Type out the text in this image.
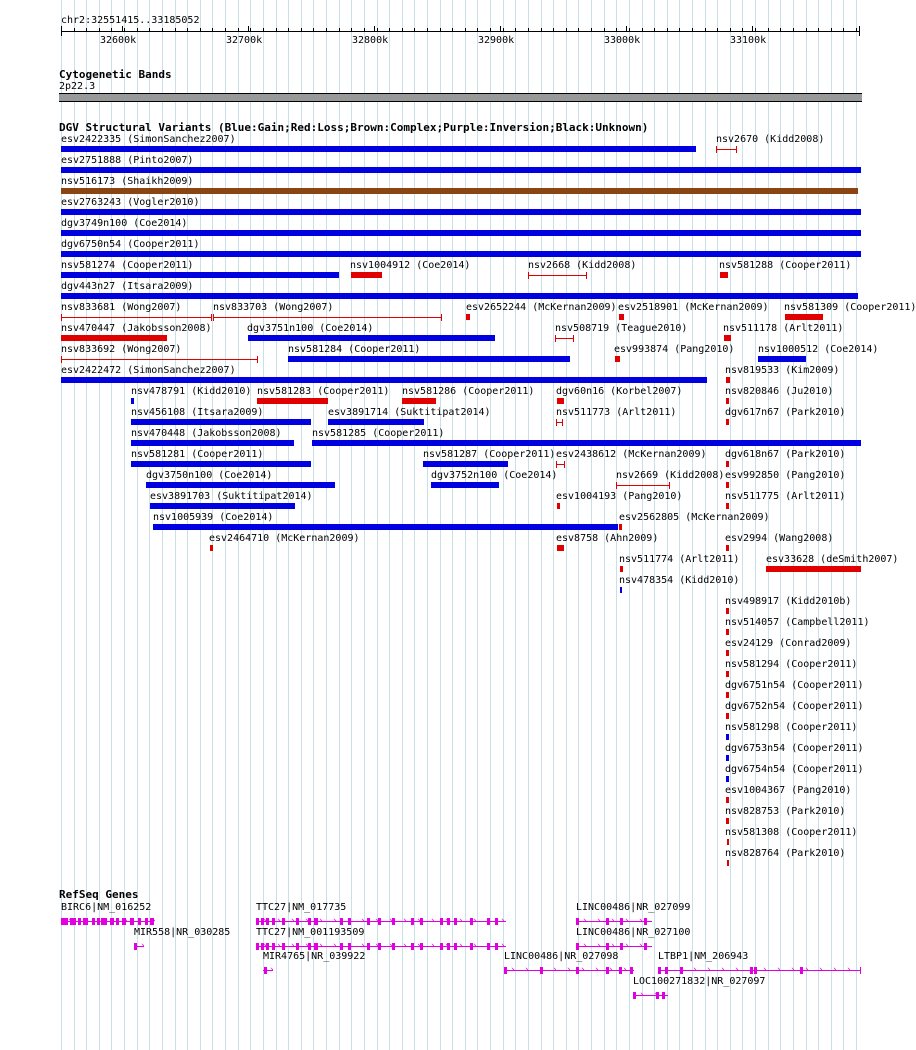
chr2:32551415..33185052
32600k	32700k	32800k	32900k	33000k	33100k
Cytogenetic Bands
2p22.3
DGV Structural Variants (Blue:Gain;Red:Loss;Brown:Complex;Purple:Inversion;Black:Unknown)
esv2422335 (SimonSanchez2007)	nsv2670 (Kidd2008)
esv2751888 (Pinto2007)
nsv516173 (Shaikh2009)
esv2763243 (Vogler2010)
dgv3749n100 (Coe2014)
dgv6750n54 (Cooper2011)
nsv581274 (Cooper2011)	nsv1004912 (Coe2014)	nsv2668 (Kidd2008)	nsv581288 (Cooper2011)
dgv443n27 (Itsara2009)
nsv833681 (Wong2007)	nsv833703 (Wong2007)	esv2652244 (McKernan2009) esv2518901 (McKernan2009) nsv581309 (Cooper2011)
nsv470447 (Jakobsson2008)	dgv3751n100 (Coe2014)	nsv508719 (Teague2010)	nsv511178 (Arlt2011)
nsv833692 (Wong2007)	nsv581284 (Cooper2011)	esv993874 (Pang2010) nsv1000512 (Coe2014)
esv2422472 (SimonSanchez2007)	nsv819533 (Kim2009)
nsv478791 (Kidd2010) nsv581283 (Cooper2011) nsv581286 (Cooper2011) dgv60n16 (Korbel2007)	nsv820846 (Ju2010)
nsv456108 (Itsara2009)	esv3891714 (Suktitipat2014)	nsv511773 (Arlt2011)	dgv617n67 (Park2010)
nsv470448 (Jakobsson2008)	nsv581285 (Cooper2011)
nsv581281 (Cooper2011)	nsv581287 (Cooper2011) esv2438612 (McKernan2009) dgv618n67 (Park2010)
dgv3750n100 (Coe2014)	dgv3752n100 (Coe2014)	nsv2669 (Kidd2008) esv992850 (Pang2010)
esv3891703 (Suktitipat2014)	esv1004193 (Pang2010)	nsv511775 (Arlt2011)
nsv1005939 (Coe2014)	esv2562805 (McKernan2009)
esv2464710 (McKernan2009)	esv8758 (Ahn2009)	esv2994 (Wang2008)
nsv511774 (Arlt2011)	esv33628 (deSmith2007)
nsv478354 (Kidd2010)
nsv498917 (Kidd2010b)
nsv514057 (Campbell2011)
esv24129 (Conrad2009)
nsv581294 (Cooper2011)
dgv6751n54 (Cooper2011)
dgv6752n54 (Cooper2011)
nsv581298 (Cooper2011)
dgv6753n54 (Cooper2011)
dgv6754n54 (Cooper2011)
esv1004367 (Pang2010)
nsv828753 (Park2010)
nsv581308 (Cooper2011)
nsv828764 (Park2010)
RefSeq Genes
BIRC6|NM_016252
› › › › › › ›
TTC27|NM_017735
› › › › › › › › › › › › › › › › › ›
LINC00486|NR_027099
› › › › ›
MIR558|NR_030285
›
TTC27|NM_001193509
› › › › › › › › › › › › › › › › › ›
LINC00486|NR_027100
› › › › ›
MIR4765|NR_039922
›
LINC00486|NR_027098
› › › › › › › › ›
LTBP1|NM_206943
› › › › › › › › › › › › › ›
LOC100271832|NR_027097
› ›
